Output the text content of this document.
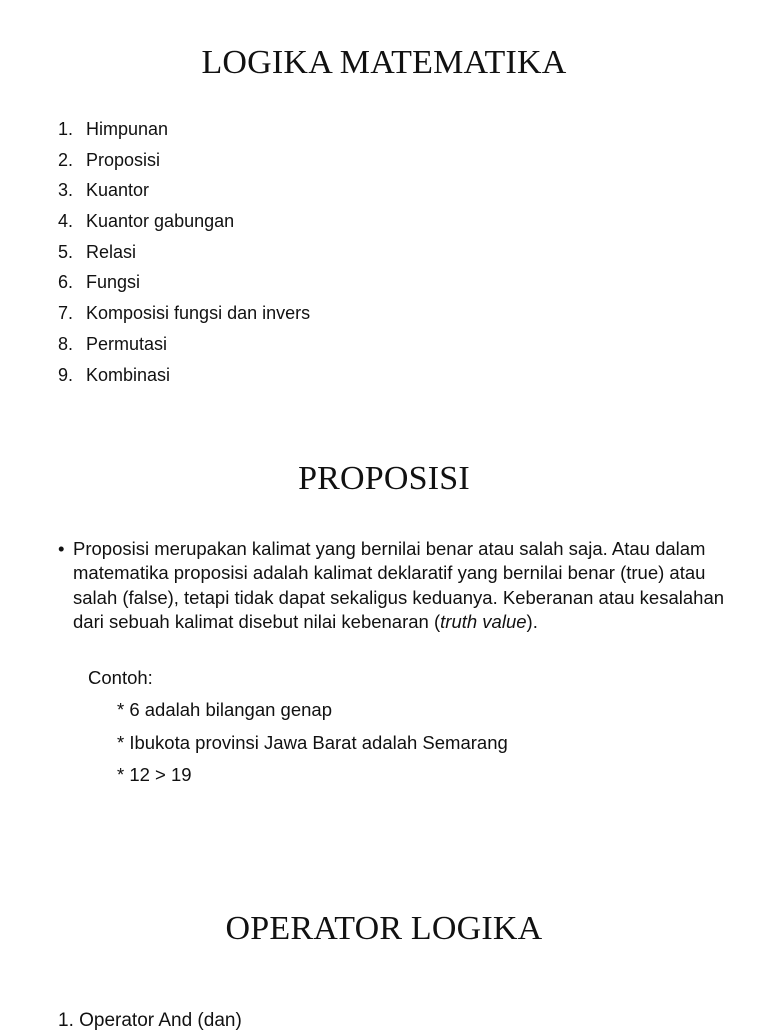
LOGIKA MATEMATIKA
1. Himpunan
2. Proposisi
3. Kuantor
4. Kuantor gabungan
5. Relasi
6. Fungsi
7. Komposisi fungsi dan invers
8. Permutasi
9. Kombinasi
PROPOSISI
• Proposisi merupakan kalimat yang bernilai benar atau salah saja. Atau dalam matematika proposisi adalah kalimat deklaratif yang bernilai benar (true) atau salah (false), tetapi tidak dapat sekaligus keduanya. Keberanan atau kesalahan dari sebuah kalimat disebut nilai kebenaran (truth value).
Contoh:
* 6 adalah bilangan genap
* Ibukota provinsi Jawa Barat adalah Semarang
* 12 > 19
OPERATOR LOGIKA
1. Operator And (dan)
